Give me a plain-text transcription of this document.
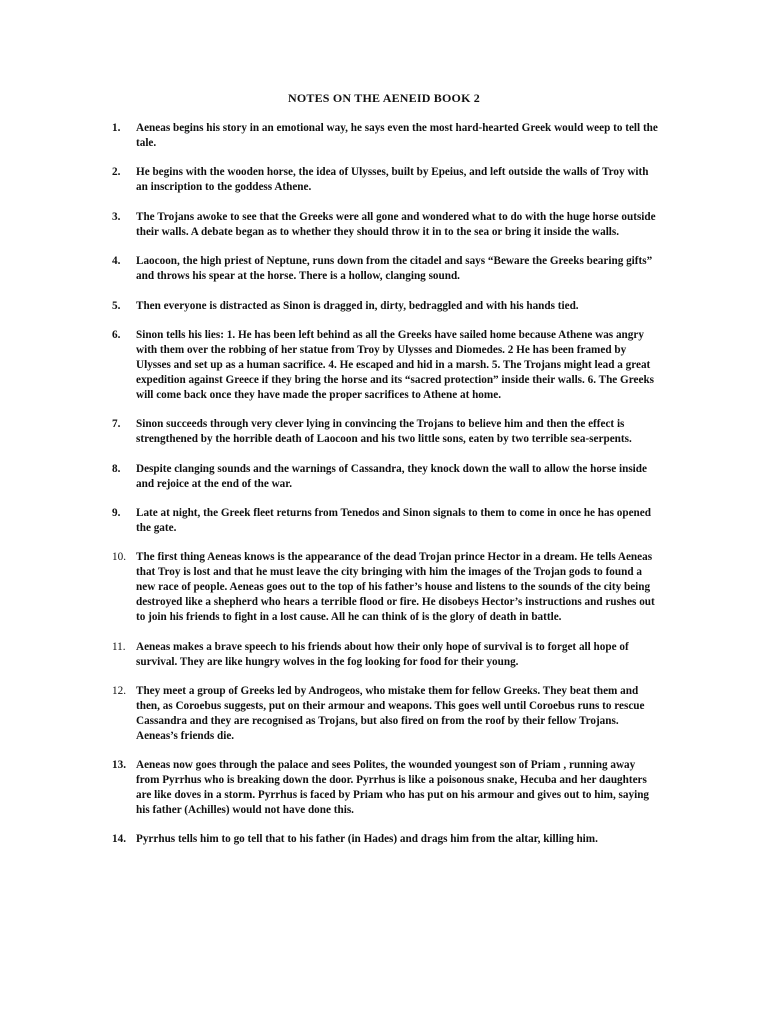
NOTES ON THE AENEID BOOK 2
1. Aeneas begins his story in an emotional way, he says even the most hard-hearted Greek would weep to tell the tale.
2. He begins with the wooden horse, the idea of Ulysses, built by Epeius, and left outside the walls of Troy with an inscription to the goddess Athene.
3. The Trojans awoke to see that the Greeks were all gone and wondered what to do with the huge horse outside their walls. A debate began as to whether they should throw it in to the sea or bring it inside the walls.
4. Laocoon, the high priest of Neptune, runs down from the citadel and says “Beware the Greeks bearing gifts” and throws his spear at the horse. There is a hollow, clanging sound.
5. Then everyone is distracted as Sinon is dragged in, dirty, bedraggled and with his hands tied.
6. Sinon tells his lies: 1. He has been left behind as all the Greeks have sailed home because Athene was angry with them over the robbing of her statue from Troy by Ulysses and Diomedes. 2 He has been framed by Ulysses and set up as a human sacrifice. 4. He escaped and hid in a marsh. 5. The Trojans might lead a great expedition against Greece if they bring the horse and its “sacred protection” inside their walls. 6. The Greeks will come back once they have made the proper sacrifices to Athene at home.
7. Sinon succeeds through very clever lying in convincing the Trojans to believe him and then the effect is strengthened by the horrible death of Laocoon and his two little sons, eaten by two terrible sea-serpents.
8. Despite clanging sounds and the warnings of Cassandra, they knock down the wall to allow the horse inside and rejoice at the end of the war.
9. Late at night, the Greek fleet returns from Tenedos and Sinon signals to them to come in once he has opened the gate.
10. The first thing Aeneas knows is the appearance of the dead Trojan prince Hector in a dream. He tells Aeneas that Troy is lost and that he must leave the city bringing with him the images of the Trojan gods to found a new race of people. Aeneas goes out to the top of his father’s house and listens to the sounds of the city being destroyed like a shepherd who hears a terrible flood or fire. He disobeys Hector’s instructions and rushes out to join his friends to fight in a lost cause. All he can think of is the glory of death in battle.
11. Aeneas makes a brave speech to his friends about how their only hope of survival is to forget all hope of survival. They are like hungry wolves in the fog looking for food for their young.
12. They meet a group of Greeks led by Androgeos, who mistake them for fellow Greeks. They beat them and then, as Coroebus suggests, put on their armour and weapons. This goes well until Coroebus runs to rescue Cassandra and they are recognised as Trojans, but also fired on from the roof by their fellow Trojans. Aeneas’s friends die.
13. Aeneas now goes through the palace and sees Polites, the wounded youngest son of Priam , running away from Pyrrhus who is breaking down the door. Pyrrhus is like a poisonous snake, Hecuba and her daughters are like doves in a storm. Pyrrhus is faced by Priam who has put on his armour and gives out to him, saying his father (Achilles) would not have done this.
14. Pyrrhus tells him to go tell that to his father (in Hades) and drags him from the altar, killing him.
